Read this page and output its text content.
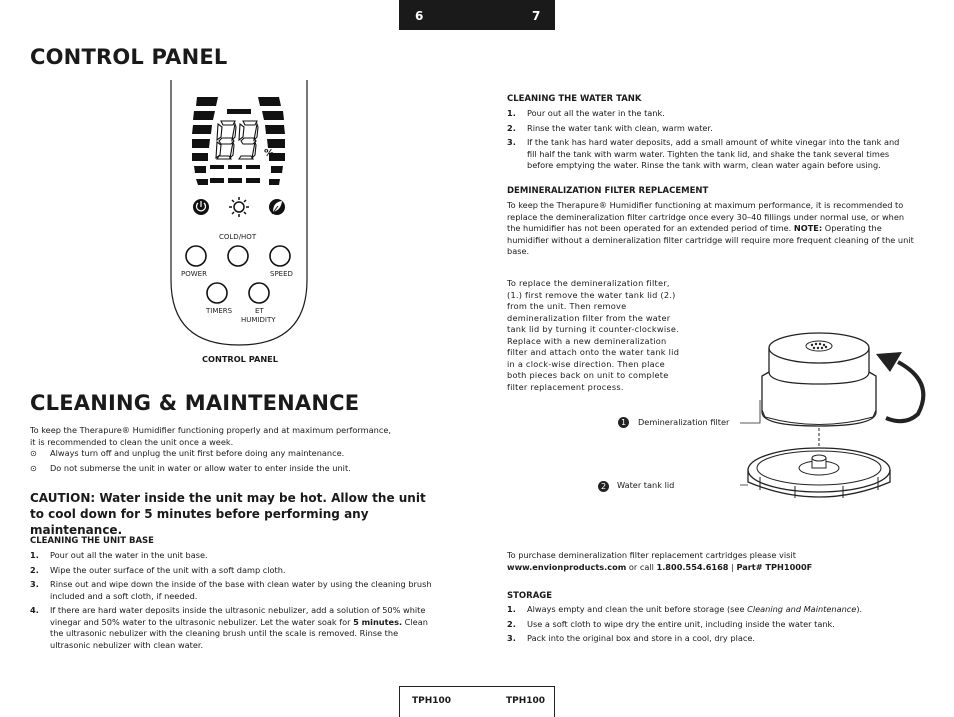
6	7
CONTROL PANEL
%
COLD/HOT
POWER	SPEED
TIMERS	ET
HUMIDITY
CONTROL PANEL
CLEANING & MAINTENANCE
To keep the Therapure® Humidifier functioning properly and at maximum performance,
it is recommended to clean the unit once a week.
⊙ Always turn off and unplug the unit first before doing any maintenance.
⊙ Do not submerse the unit in water or allow water to enter inside the unit.
CAUTION: Water inside the unit may be hot. Allow the unit to cool down for 5 minutes before performing any maintenance.
CLEANING THE UNIT BASE
1. Pour out all the water in the unit base.
2. Wipe the outer surface of the unit with a soft damp cloth.
3. Rinse out and wipe down the inside of the base with clean water by using the cleaning brush included and a soft cloth, if needed.
4. If there are hard water deposits inside the ultrasonic nebulizer, add a solution of 50% white vinegar and 50% water to the ultrasonic nebulizer. Let the water soak for 5 minutes. Clean the ultrasonic nebulizer with the cleaning brush until the scale is removed. Rinse the ultrasonic nebulizer with clean water.
CLEANING THE WATER TANK
1. Pour out all the water in the tank.
2. Rinse the water tank with clean, warm water.
3. If the tank has hard water deposits, add a small amount of white vinegar into the tank and fill half the tank with warm water. Tighten the tank lid, and shake the tank several times before emptying the water. Rinse the tank with warm, clean water again before using.
DEMINERALIZATION FILTER REPLACEMENT
To keep the Therapure® Humidifier functioning at maximum performance, it is recommended to replace the demineralization filter cartridge once every 30–40 fillings under normal use, or when the humidifier has not been operated for an extended period of time. NOTE: Operating the humidifier without a demineralization filter cartridge will require more frequent cleaning of the unit base.
To replace the demineralization filter, (1.) first remove the water tank lid (2.) from the unit. Then remove demineralization filter from the water tank lid by turning it counter-clockwise. Replace with a new demineralization filter and attach onto the water tank lid in a clock-wise direction. Then place both pieces back on unit to complete filter replacement process.
1	Demineralization filter
2	Water tank lid
To purchase demineralization filter replacement cartridges please visit
www.envionproducts.com or call 1.800.554.6168 | Part# TPH1000F
STORAGE
1. Always empty and clean the unit before storage (see Cleaning and Maintenance).
2. Use a soft cloth to wipe dry the entire unit, including inside the water tank.
3. Pack into the original box and store in a cool, dry place.
TPH100	TPH100
